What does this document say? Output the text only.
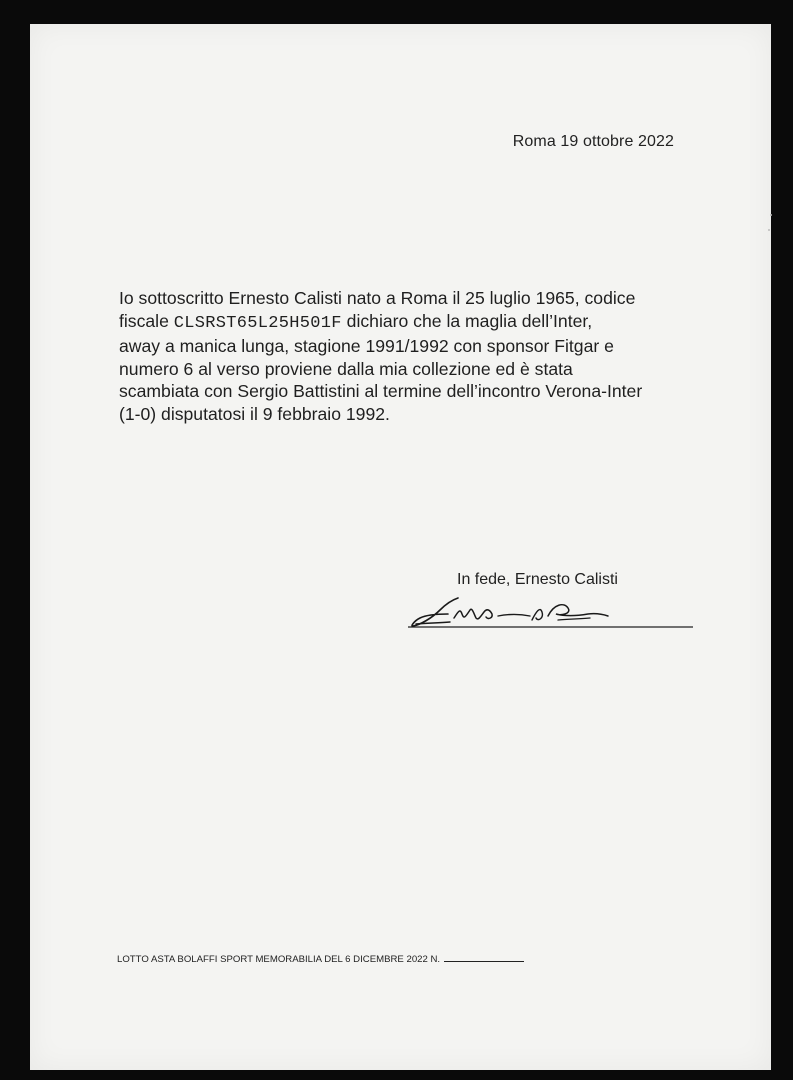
Roma 19 ottobre 2022

Io sottoscritto Ernesto Calisti nato a Roma il 25 luglio 1965, codice

fiscale CLSRST65L25H501F dichiaro che la maglia dell’Inter,

away a manica lunga, stagione 1991/1992 con sponsor Fitgar e

numero 6 al verso proviene dalla mia collezione ed è stata

scambiata con Sergio Battistini al termine dell’incontro Verona-Inter

(1-0) disputatosi il 9 febbraio 1992.

In fede, Ernesto Calisti
LOTTO ASTA BOLAFFI SPORT MEMORABILIA DEL 6 DICEMBRE 2022 N.
